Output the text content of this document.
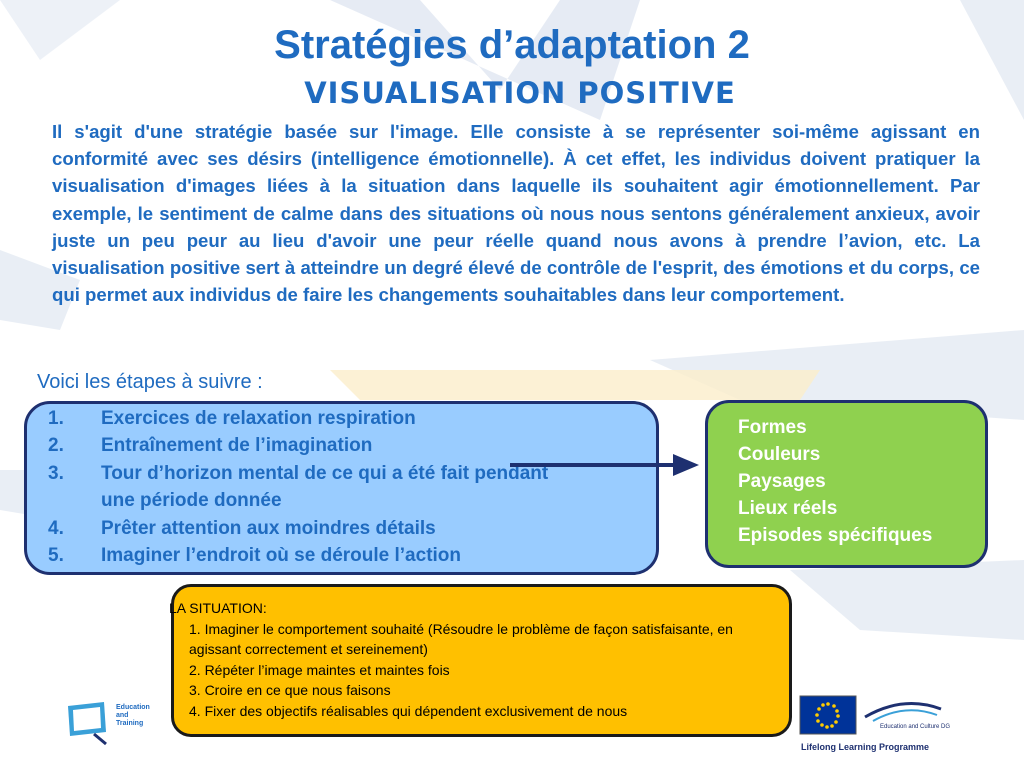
Stratégies d’adaptation 2
VISUALISATION POSITIVE
Il s'agit d'une stratégie basée sur l'image. Elle consiste à se représenter soi-même agissant en conformité avec ses désirs (intelligence émotionnelle). À cet effet, les individus doivent pratiquer la visualisation d'images liées à la situation dans laquelle ils souhaitent agir émotionnellement. Par exemple, le sentiment de calme dans des situations où nous nous sentons généralement anxieux, avoir juste un peu peur au lieu d'avoir une peur réelle quand nous avons à prendre l’avion, etc. La visualisation positive sert à atteindre un degré élevé de contrôle de l'esprit, des émotions et du corps, ce qui permet aux individus de faire les changements souhaitables dans leur comportement.
Voici les étapes à suivre :
1.	Exercices de relaxation respiration
2.	Entraînement de l’imagination
3.	Tour d’horizon mental de ce qui a été fait pendant une période donnée
4.	Prêter attention aux moindres détails
5.	Imaginer l’endroit où se déroule l’action
Formes
Couleurs
Paysages
Lieux réels
Episodes spécifiques
LA SITUATION:
1. Imaginer le comportement souhaité (Résoudre le problème de façon satisfaisante, en agissant correctement et sereinement)
2. Répéter l’image maintes et maintes fois
3. Croire en ce que nous faisons
4. Fixer des objectifs réalisables qui dépendent exclusivement de nous
Education
and
Training	Education and Culture DG
Lifelong Learning Programme
